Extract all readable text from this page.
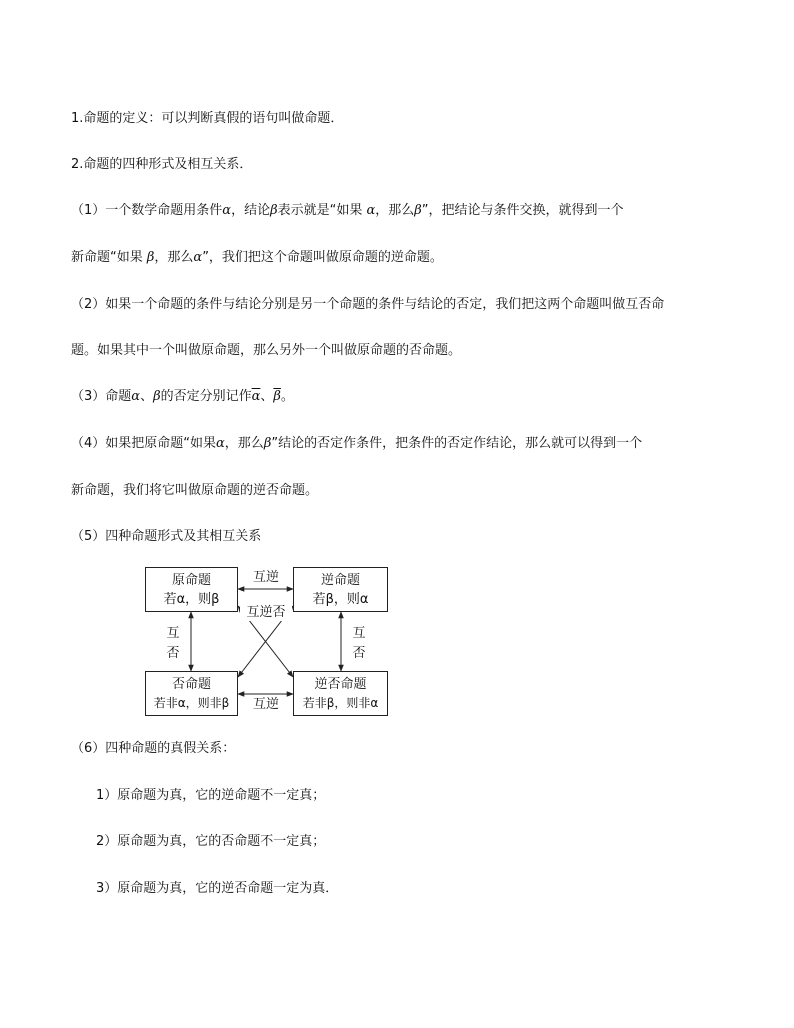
1.命题的定义：可以判断真假的语句叫做命题．
2.命题的四种形式及相互关系．
（1）一个数学命题用条件α，结论β表示就是“如果 α，那么β”，把结论与条件交换，就得到一个
新命题“如果 β，那么α”，我们把这个命题叫做原命题的逆命题。
（2）如果一个命题的条件与结论分别是另一个命题的条件与结论的否定，我们把这两个命题叫做互否命
题。如果其中一个叫做原命题，那么另外一个叫做原命题的否命题。
（3）命题α、β的否定分别记作$\overline{\alpha}$、$\overline{\beta}$。
（4）如果把原命题“如果α，那么β”结论的否定作条件，把条件的否定作结论，那么就可以得到一个
新命题，我们将它叫做原命题的逆否命题。
（5）四种命题形式及其相互关系
原命题
若α，则β
逆命题
若β，则α
否命题
若非α，则非β
逆否命题
若非β，则非α
互逆
互逆
互逆否
互
否
互
否
（6）四种命题的真假关系：
1）原命题为真，它的逆命题不一定真；
2）原命题为真，它的否命题不一定真；
3）原命题为真，它的逆否命题一定为真．
